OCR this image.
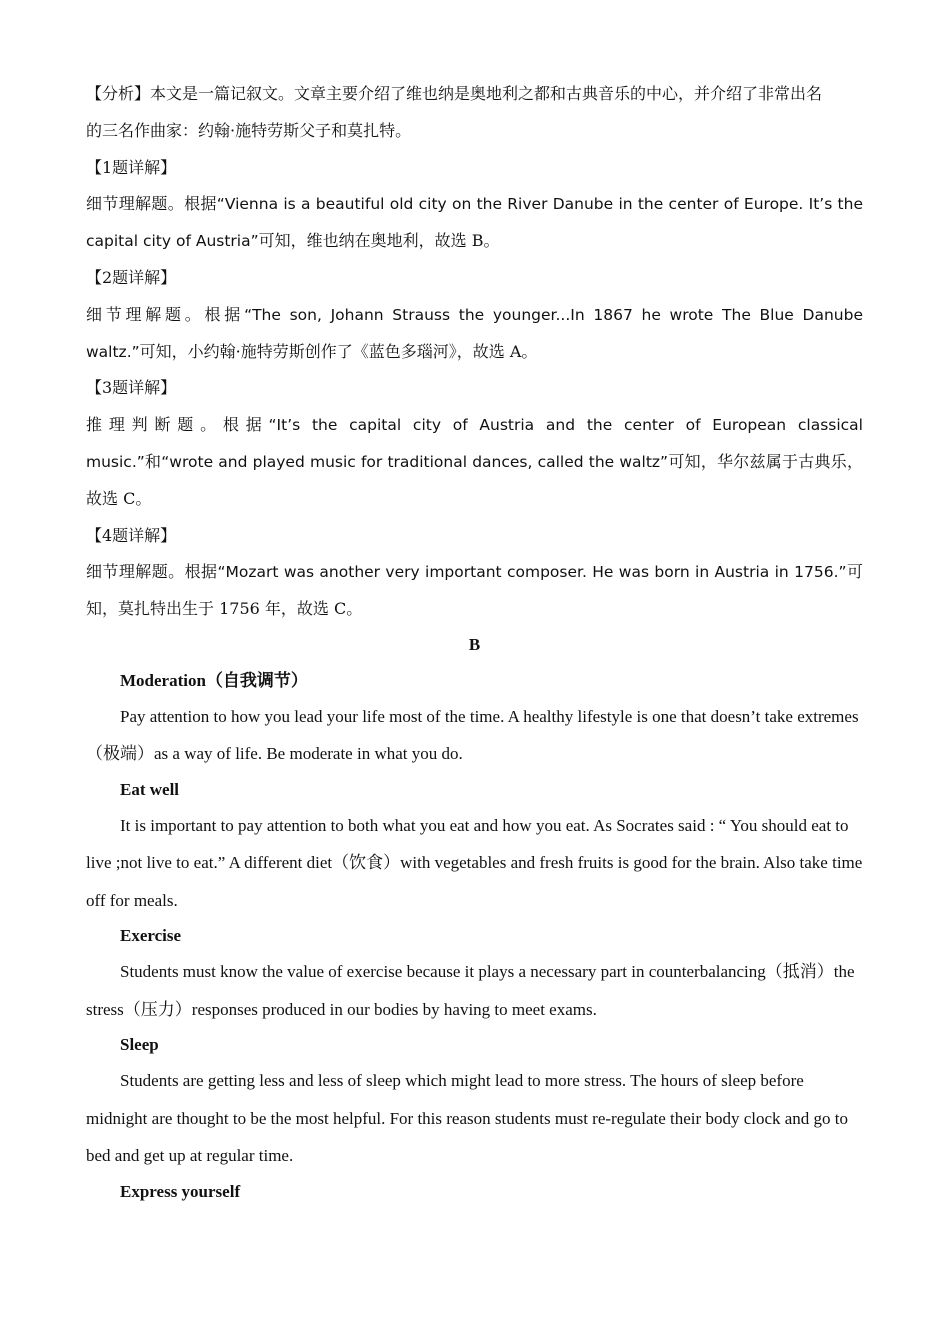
【分析】本文是一篇记叙文。文章主要介绍了维也纳是奥地利之都和古典音乐的中心，并介绍了非常出名
的三名作曲家：约翰·施特劳斯父子和莫扎特。

【1题详解】

细节理解题。根据“Vienna is a beautiful old city on the River Danube in the center of Europe. It’s the capital city of Austria”可知，维也纳在奥地利，故选 B。

【2题详解】

细节理解题。根据“The son, Johann Strauss the younger...In 1867 he wrote The Blue Danube waltz.”可知，小约翰·施特劳斯创作了《蓝色多瑙河》，故选 A。

【3题详解】

推理判断题。根据“It’s the capital city of Austria and the center of European classical music.”和“wrote and played music for traditional dances, called the waltz”可知，华尔兹属于古典乐，故选 C。

【4题详解】

细节理解题。根据“Mozart was another very important composer. He was born in Austria in 1756.”可知，莫扎特出生于 1756 年，故选 C。

B

Moderation（自我调节）

Pay attention to how you lead your life most of the time. A healthy lifestyle is one that doesn’t take extremes（极端）as a way of life. Be moderate in what you do.

Eat well

It is important to pay attention to both what you eat and how you eat. As Socrates said : “ You should eat to live ;not live to eat.” A different diet（饮食）with vegetables and fresh fruits is good for the brain. Also take time off for meals.

Exercise

Students must know the value of exercise because it plays a necessary part in counterbalancing（抵消）the stress（压力）responses produced in our bodies by having to meet exams.

Sleep

Students are getting less and less of sleep which might lead to more stress. The hours of sleep before midnight are thought to be the most helpful. For this reason students must re-regulate their body clock and go to bed and get up at regular time.

Express yourself
